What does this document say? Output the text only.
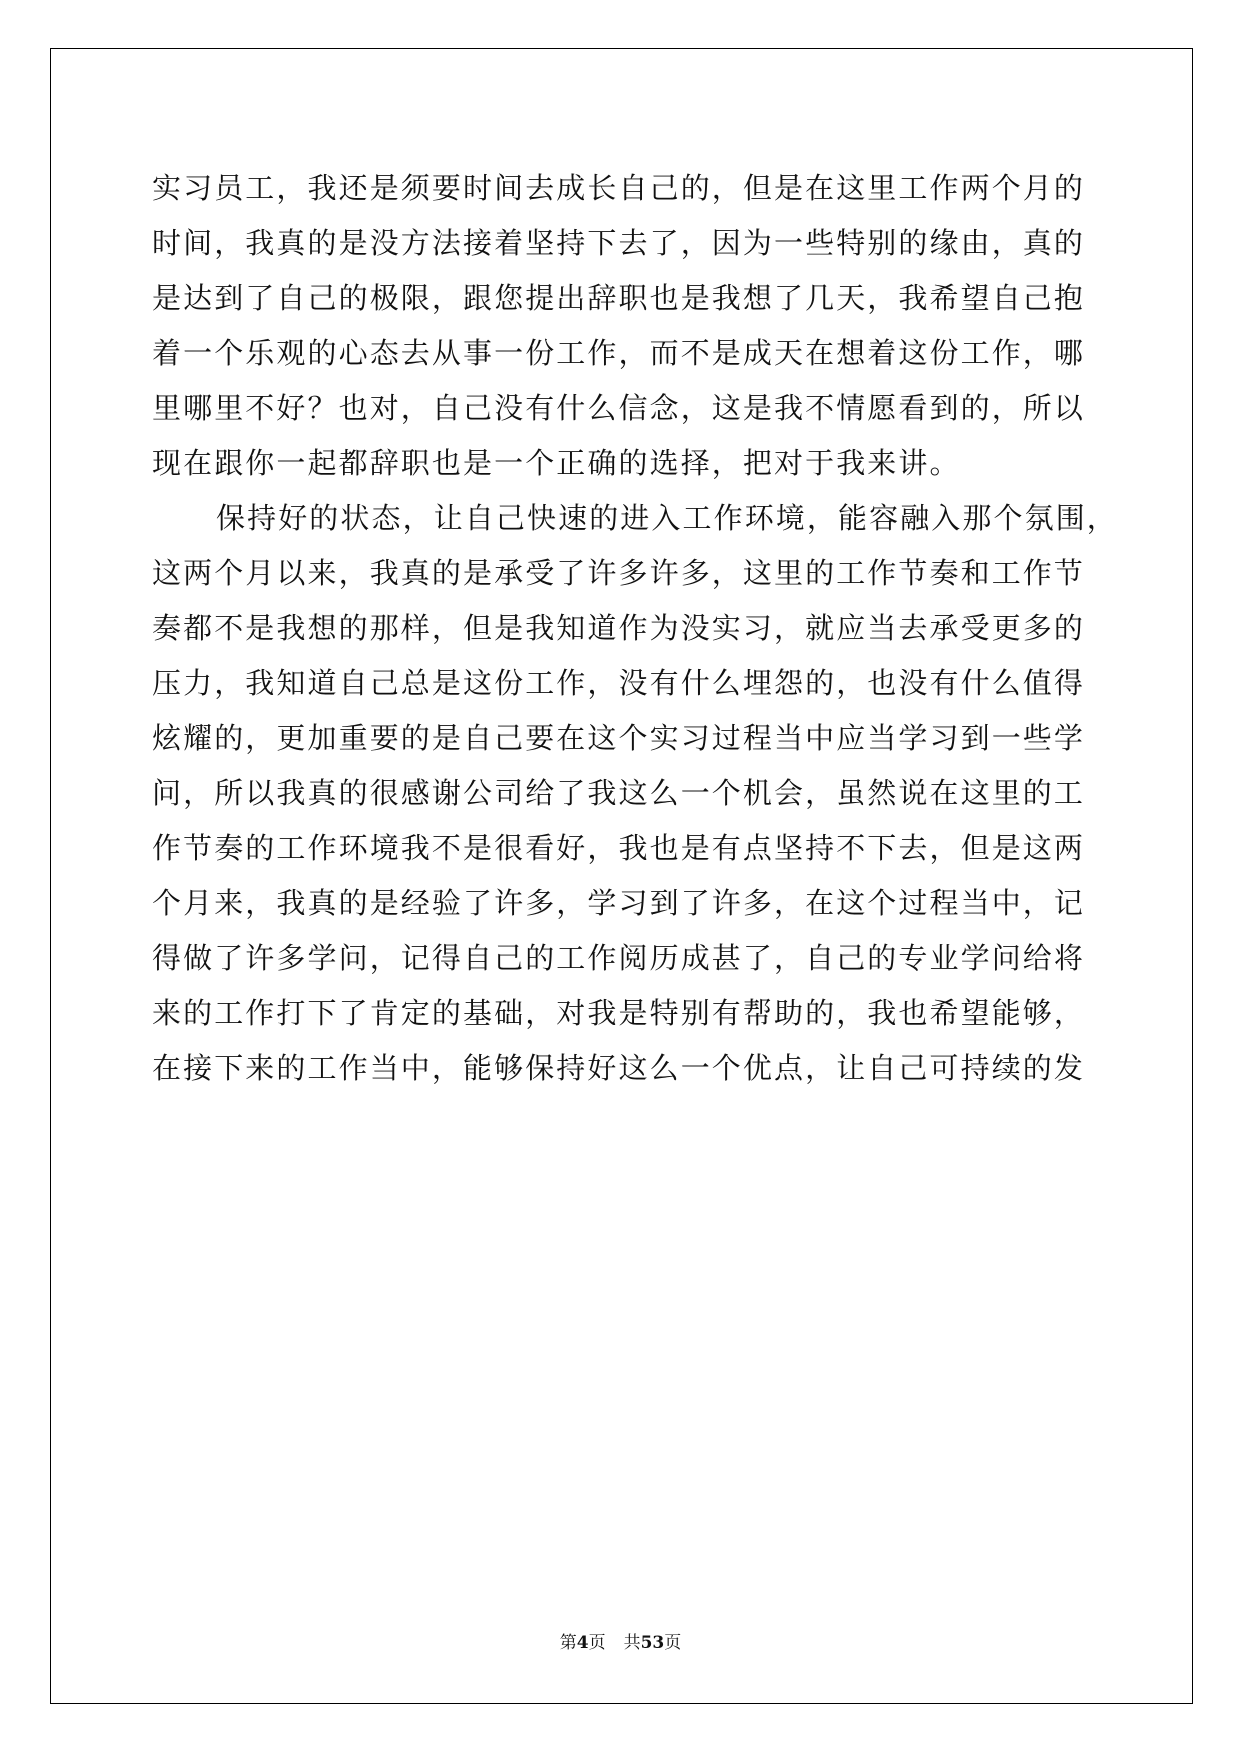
实习员工，我还是须要时间去成长自己的，但是在这里工作两个月的
时间，我真的是没方法接着坚持下去了，因为一些特别的缘由，真的
是达到了自己的极限，跟您提出辞职也是我想了几天，我希望自己抱
着一个乐观的心态去从事一份工作，而不是成天在想着这份工作，哪
里哪里不好？也对，自己没有什么信念，这是我不情愿看到的，所以
现在跟你一起都辞职也是一个正确的选择，把对于我来讲。
保持好的状态，让自己快速的进入工作环境，能容融入那个氛围，
这两个月以来，我真的是承受了许多许多，这里的工作节奏和工作节
奏都不是我想的那样，但是我知道作为没实习，就应当去承受更多的
压力，我知道自己总是这份工作，没有什么埋怨的，也没有什么值得
炫耀的，更加重要的是自己要在这个实习过程当中应当学习到一些学
问，所以我真的很感谢公司给了我这么一个机会，虽然说在这里的工
作节奏的工作环境我不是很看好，我也是有点坚持不下去，但是这两
个月来，我真的是经验了许多，学习到了许多，在这个过程当中，记
得做了许多学问，记得自己的工作阅历成甚了，自己的专业学问给将
来的工作打下了肯定的基础，对我是特别有帮助的，我也希望能够，
在接下来的工作当中，能够保持好这么一个优点，让自己可持续的发
第4页 共53页
